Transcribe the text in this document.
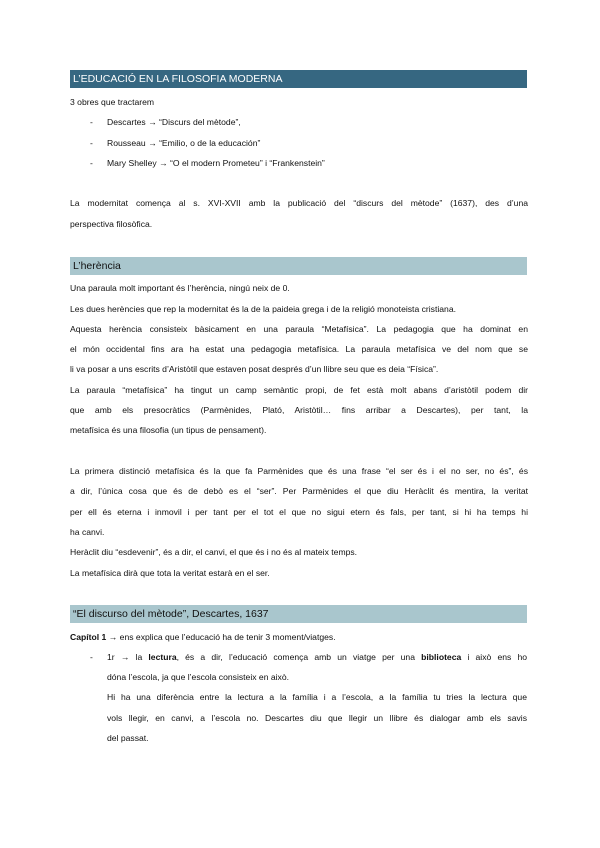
L’EDUCACIÓ EN LA FILOSOFIA MODERNA
3 obres que tractarem
- Descartes → “Discurs del mètode”,
- Rousseau → “Emilio, o de la educación”
- Mary Shelley → “O el modern Prometeu” i “Frankenstein”
La modernitat comença al s. XVI-XVII amb la publicació del “discurs del mètode” (1637), des d’una
perspectiva filosòfica.
L’herència
Una paraula molt important és l’herència, ningú neix de 0.
Les dues herències que rep la modernitat és la de la paideia grega i de la religió monoteista cristiana.
Aquesta herència consisteix bàsicament en una paraula “Metafísica”. La pedagogia que ha dominat en
el món occidental fins ara ha estat una pedagogia metafísica. La paraula metafísica ve del nom que se
li va posar a uns escrits d’Aristòtil que estaven posat després d’un llibre seu que es deia “Física”.
La paraula “metafísica” ha tingut un camp semàntic propi, de fet està molt abans d’aristòtil podem dir
que amb els presocràtics (Parmènides, Plató, Aristòtil… fins arribar a Descartes), per tant, la
metafísica és una filosofia (un tipus de pensament).
La primera distinció metafísica és la que fa Parmènides que és una frase “el ser és i el no ser, no és”, és
a dir, l’única cosa que és de debò es el “ser”. Per Parmènides el que diu Heràclit és mentira, la veritat
per ell és eterna i inmovil i per tant per el tot el que no sigui etern és fals, per tant, si hi ha temps hi
ha canvi.
Heràclit diu “esdevenir”, és a dir, el canvi, el que és i no és al mateix temps.
La metafísica dirà que tota la veritat estarà en el ser.
“El discurso del mètode”, Descartes, 1637
Capítol 1 → ens explica que l’educació ha de tenir 3 moment/viatges.
- 1r → la lectura, és a dir, l’educació comença amb un viatge per una biblioteca i això ens ho
dóna l’escola, ja que l’escola consisteix en això.
Hi ha una diferència entre la lectura a la família i a l’escola, a la família tu tries la lectura que
vols llegir, en canvi, a l’escola no. Descartes diu que llegir un llibre és dialogar amb els savis
del passat.
